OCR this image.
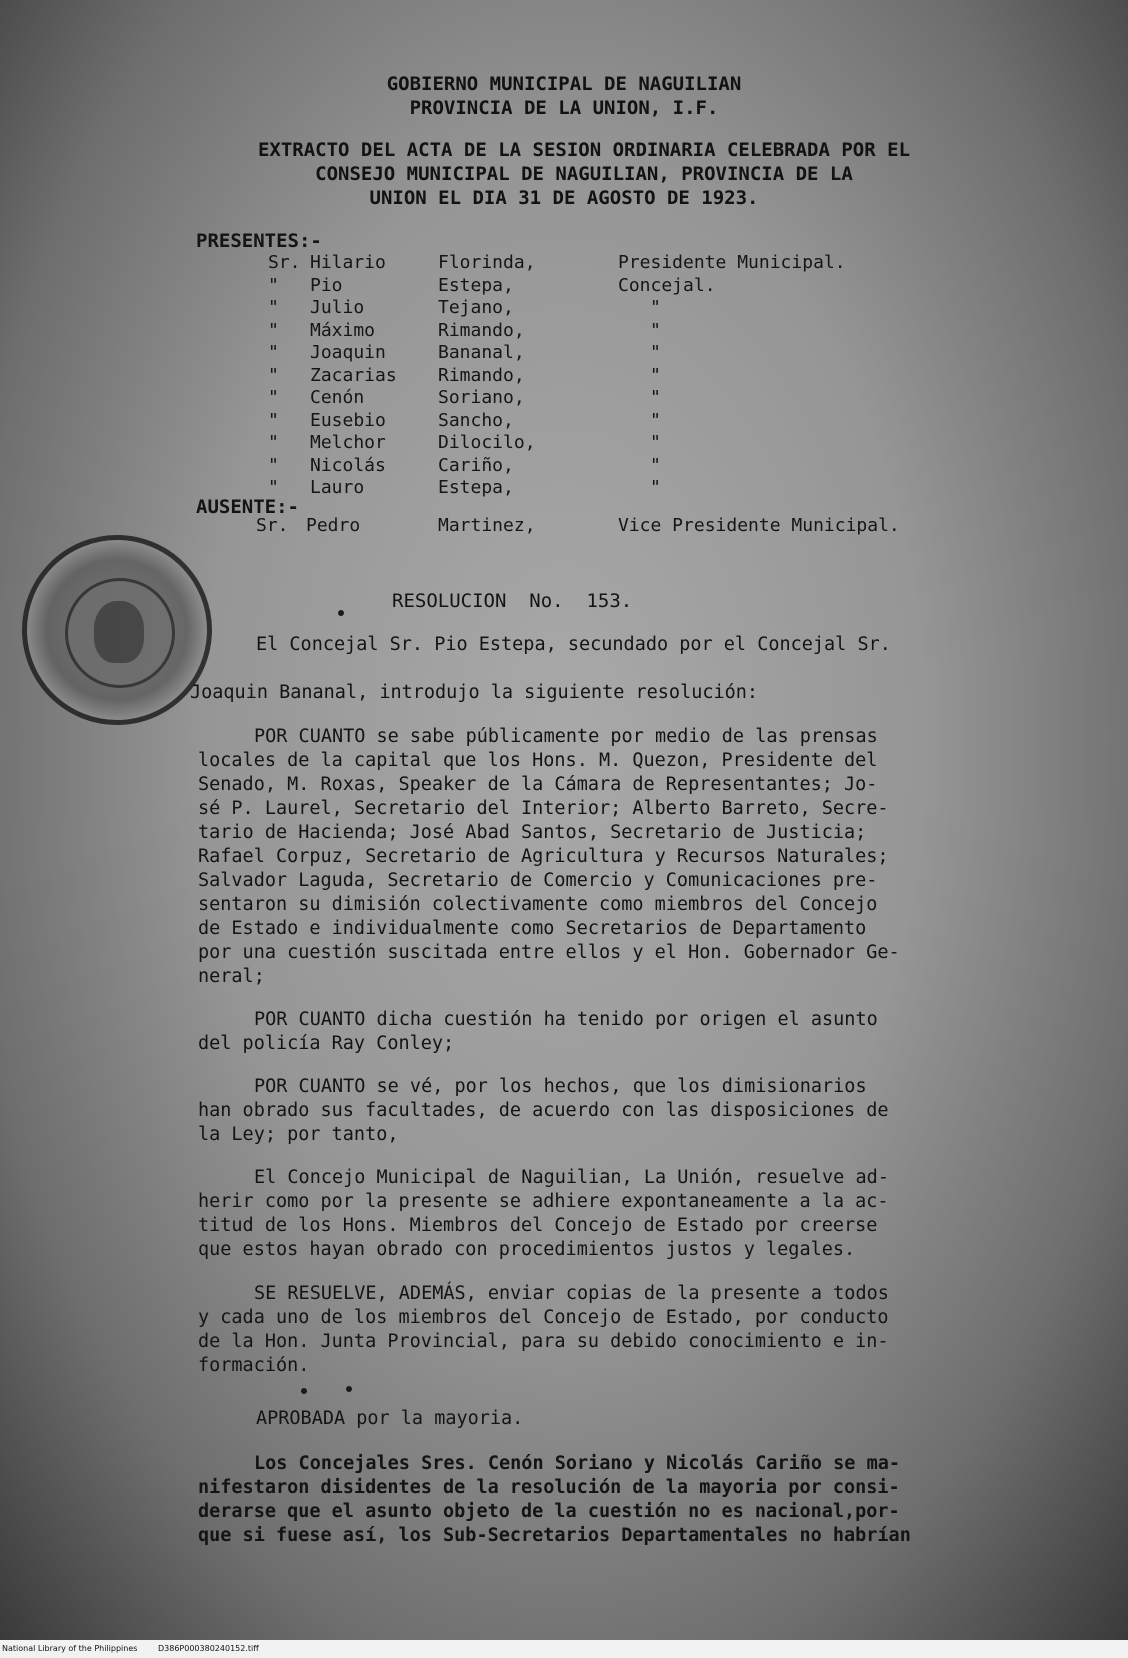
GOBIERNO MUNICIPAL DE NAGUILIAN
PROVINCIA DE LA UNION, I.F.
EXTRACTO DEL ACTA DE LA SESION ORDINARIA CELEBRADA POR EL
CONSEJO MUNICIPAL DE NAGUILIAN, PROVINCIA DE LA
UNION EL DIA 31 DE AGOSTO DE 1923.
PRESENTES:-
Sr. Hilario	Florinda,	Presidente Municipal.
" Pio	Estepa,	Concejal.
" Julio	Tejano,	"
" Máximo	Rimando,	"
" Joaquin	Bananal,	"
" Zacarias Rimando,	"
" Cenón	Soriano,	"
" Eusebio	Sancho,	"
" Melchor	Dilocilo,	"
" Nicolás	Cariño,	"
" Lauro	Estepa,	"
AUSENTE:-
Sr. Pedro	Martinez,	Vice Presidente Municipal.
RESOLUCION  No.  153.
El Concejal Sr. Pio Estepa, secundado por el Concejal Sr.
Joaquin Bananal, introdujo la siguiente resolución:
POR CUANTO se sabe públicamente por medio de las prensas
locales de la capital que los Hons. M. Quezon, Presidente del
Senado, M. Roxas, Speaker de la Cámara de Representantes; Jo-
sé P. Laurel, Secretario del Interior; Alberto Barreto, Secre-
tario de Hacienda; José Abad Santos, Secretario de Justicia;
Rafael Corpuz, Secretario de Agricultura y Recursos Naturales;
Salvador Laguda, Secretario de Comercio y Comunicaciones pre-
sentaron su dimisión colectivamente como miembros del Concejo
de Estado e individualmente como Secretarios de Departamento
por una cuestión suscitada entre ellos y el Hon. Gobernador Ge-
neral;
POR CUANTO dicha cuestión ha tenido por origen el asunto
del policía Ray Conley;
POR CUANTO se vé, por los hechos, que los dimisionarios
han obrado sus facultades, de acuerdo con las disposiciones de
la Ley; por tanto,
El Concejo Municipal de Naguilian, La Unión, resuelve ad-
herir como por la presente se adhiere expontaneamente a la ac-
titud de los Hons. Miembros del Concejo de Estado por creerse
que estos hayan obrado con procedimientos justos y legales.
SE RESUELVE, ADEMÁS, enviar copias de la presente a todos
y cada uno de los miembros del Concejo de Estado, por conducto
de la Hon. Junta Provincial, para su debido conocimiento e in-
formación.
APROBADA por la mayoria.
Los Concejales Sres. Cenón Soriano y Nicolás Cariño se ma-
nifestaron disidentes de la resolución de la mayoria por consi-
derarse que el asunto objeto de la cuestión no es nacional,por-
que si fuese así, los Sub-Secretarios Departamentales no habrían
National Library of the Philippines	D386P000380240152.tiff
